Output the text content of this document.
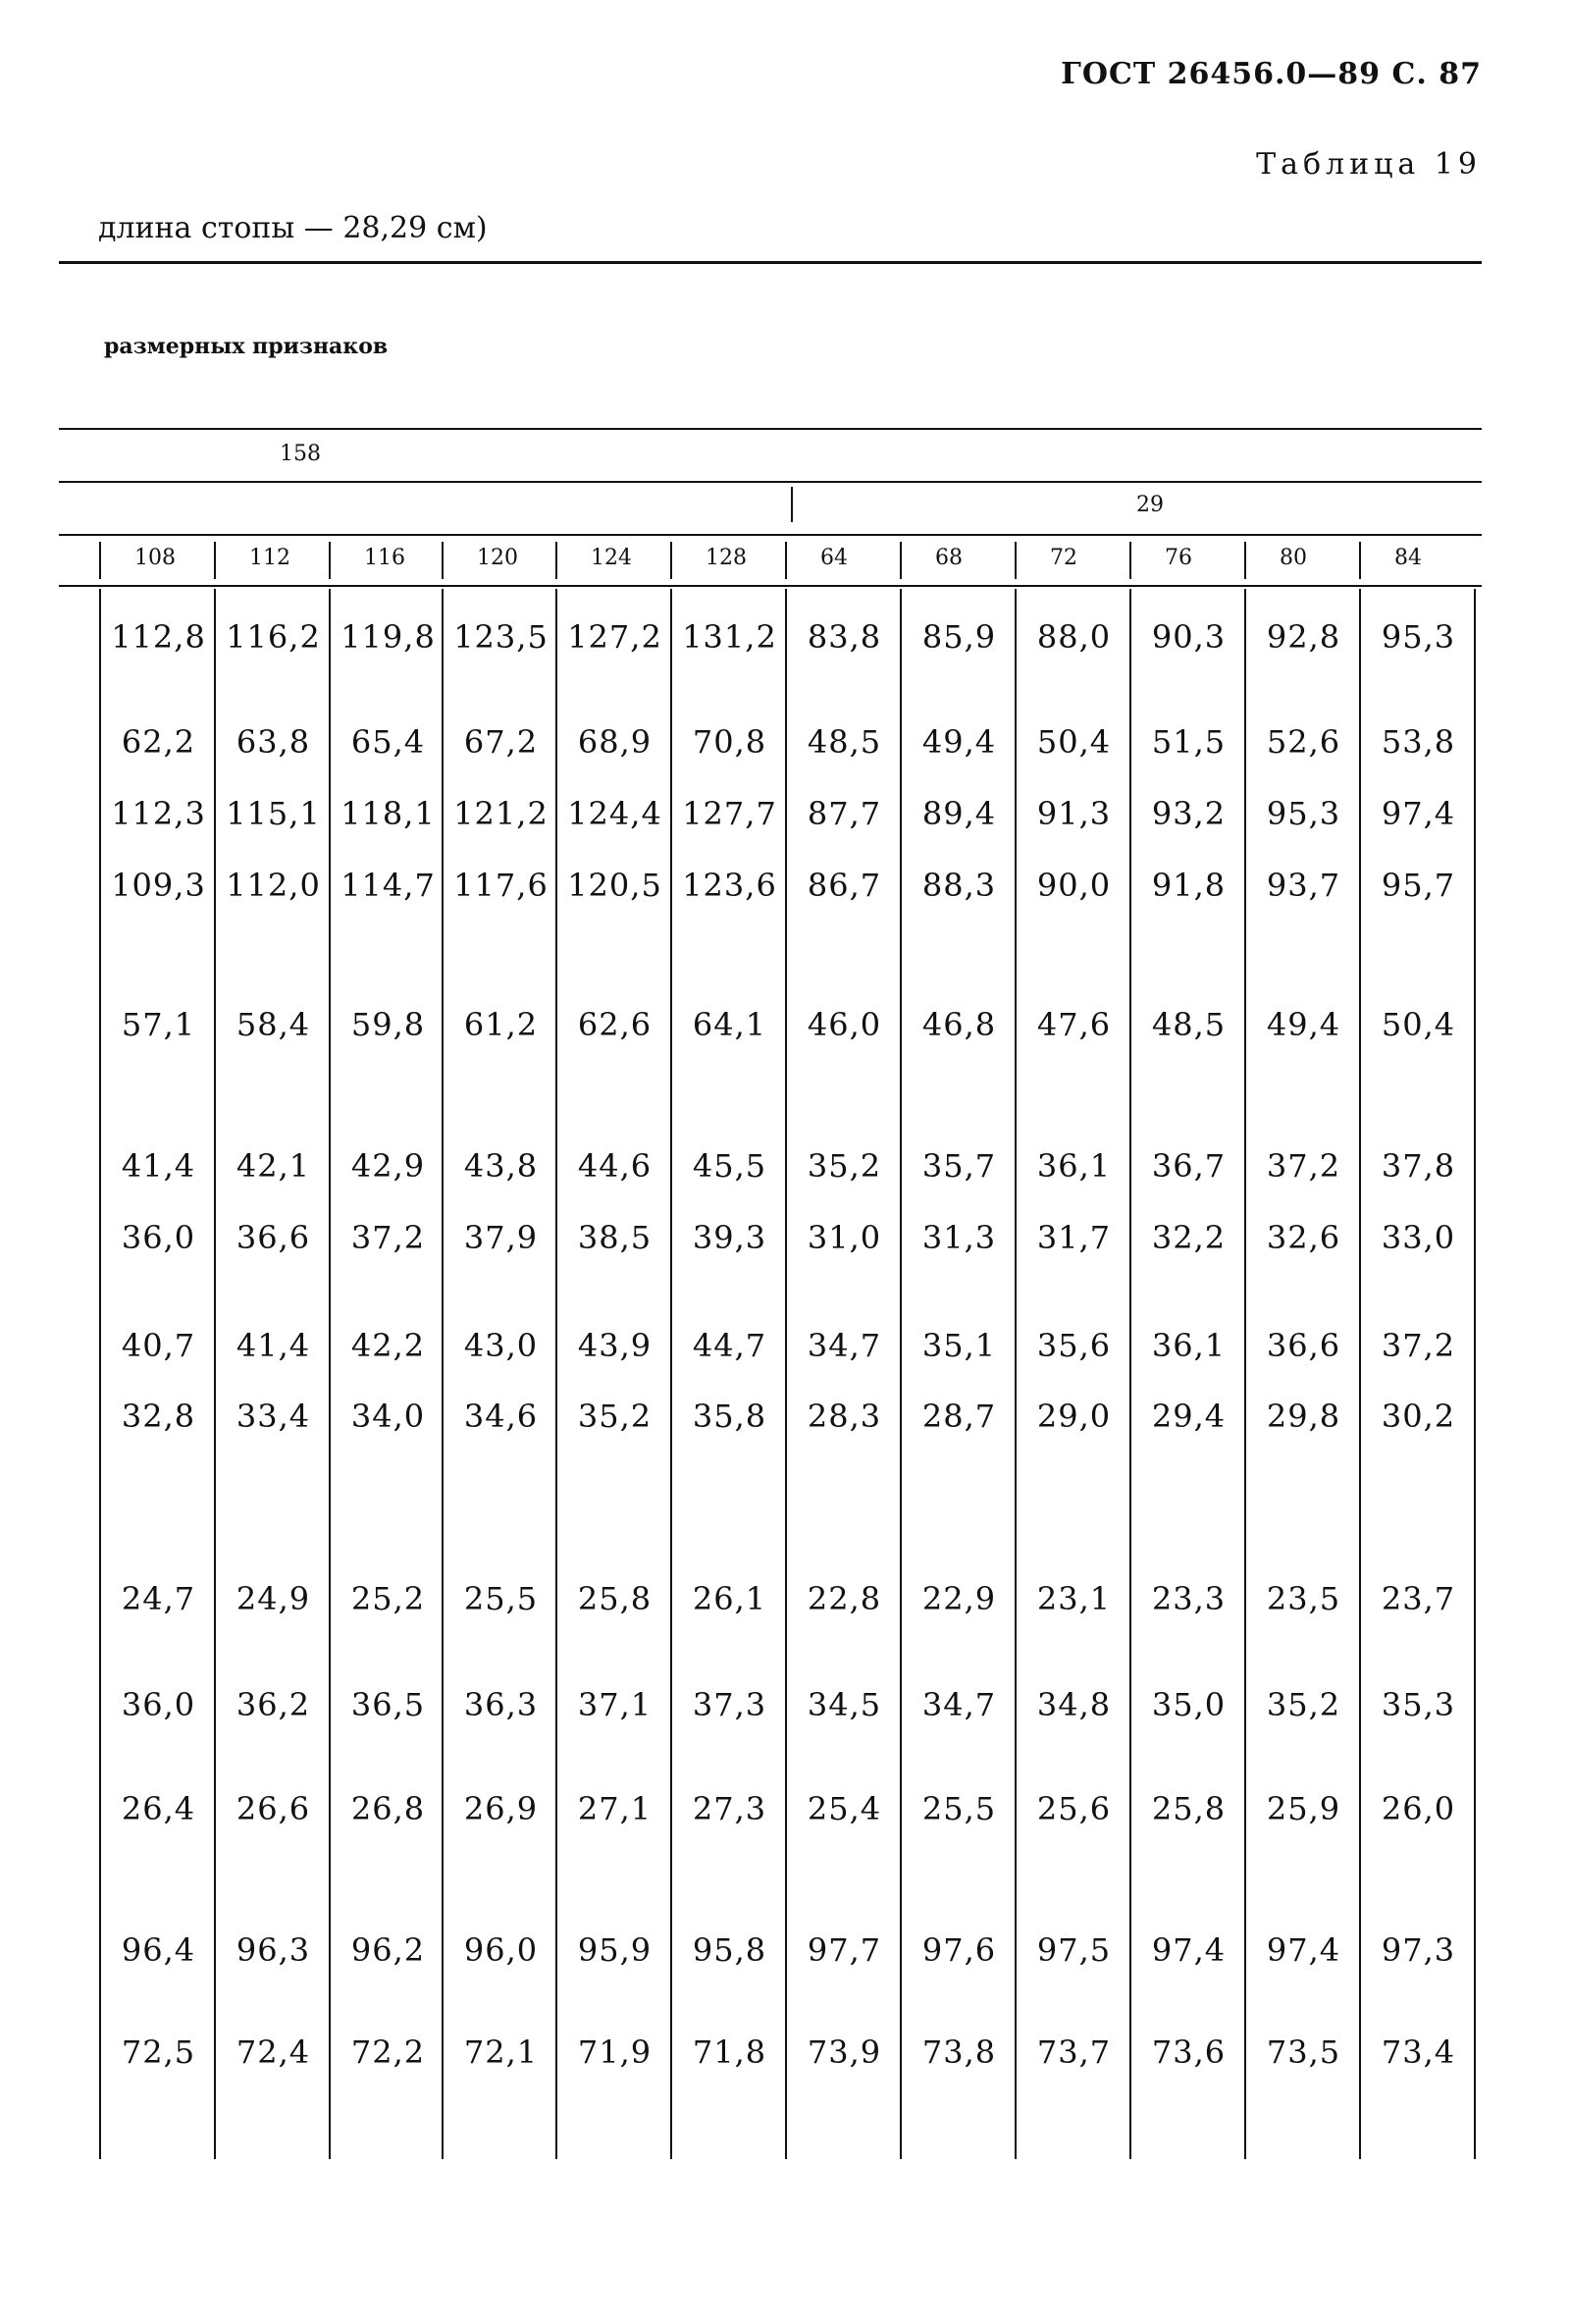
ГОСТ 26456.0—89 С. 87
Таблица 19
длина стопы — 28,29 см)
размерных признаков
158
29
108	112	116	120	124	128	64	68	72	76	80	84
112,8 116,2 119,8 123,5 127,2 131,2 83,8	85,9	88,0	90,3	92,8	95,3
62,2	63,8	65,4	67,2	68,9	70,8	48,5	49,4	50,4	51,5	52,6	53,8
112,3 115,1 118,1 121,2 124,4 127,7 87,7	89,4	91,3	93,2	95,3	97,4
109,3 112,0 114,7 117,6 120,5 123,6 86,7	88,3	90,0	91,8	93,7	95,7
57,1	58,4	59,8	61,2	62,6	64,1	46,0	46,8	47,6	48,5	49,4	50,4
41,4	42,1	42,9	43,8	44,6	45,5	35,2	35,7	36,1	36,7	37,2	37,8
36,0	36,6	37,2	37,9	38,5	39,3	31,0	31,3	31,7	32,2	32,6	33,0
40,7	41,4	42,2	43,0	43,9	44,7	34,7	35,1	35,6	36,1	36,6	37,2
32,8	33,4	34,0	34,6	35,2	35,8	28,3	28,7	29,0	29,4	29,8	30,2
24,7	24,9	25,2	25,5	25,8	26,1	22,8	22,9	23,1	23,3	23,5	23,7
36,0	36,2	36,5	36,3	37,1	37,3	34,5	34,7	34,8	35,0	35,2	35,3
26,4	26,6	26,8	26,9	27,1	27,3	25,4	25,5	25,6	25,8	25,9	26,0
96,4	96,3	96,2	96,0	95,9	95,8	97,7	97,6	97,5	97,4	97,4	97,3
72,5	72,4	72,2	72,1	71,9	71,8	73,9	73,8	73,7	73,6	73,5	73,4
